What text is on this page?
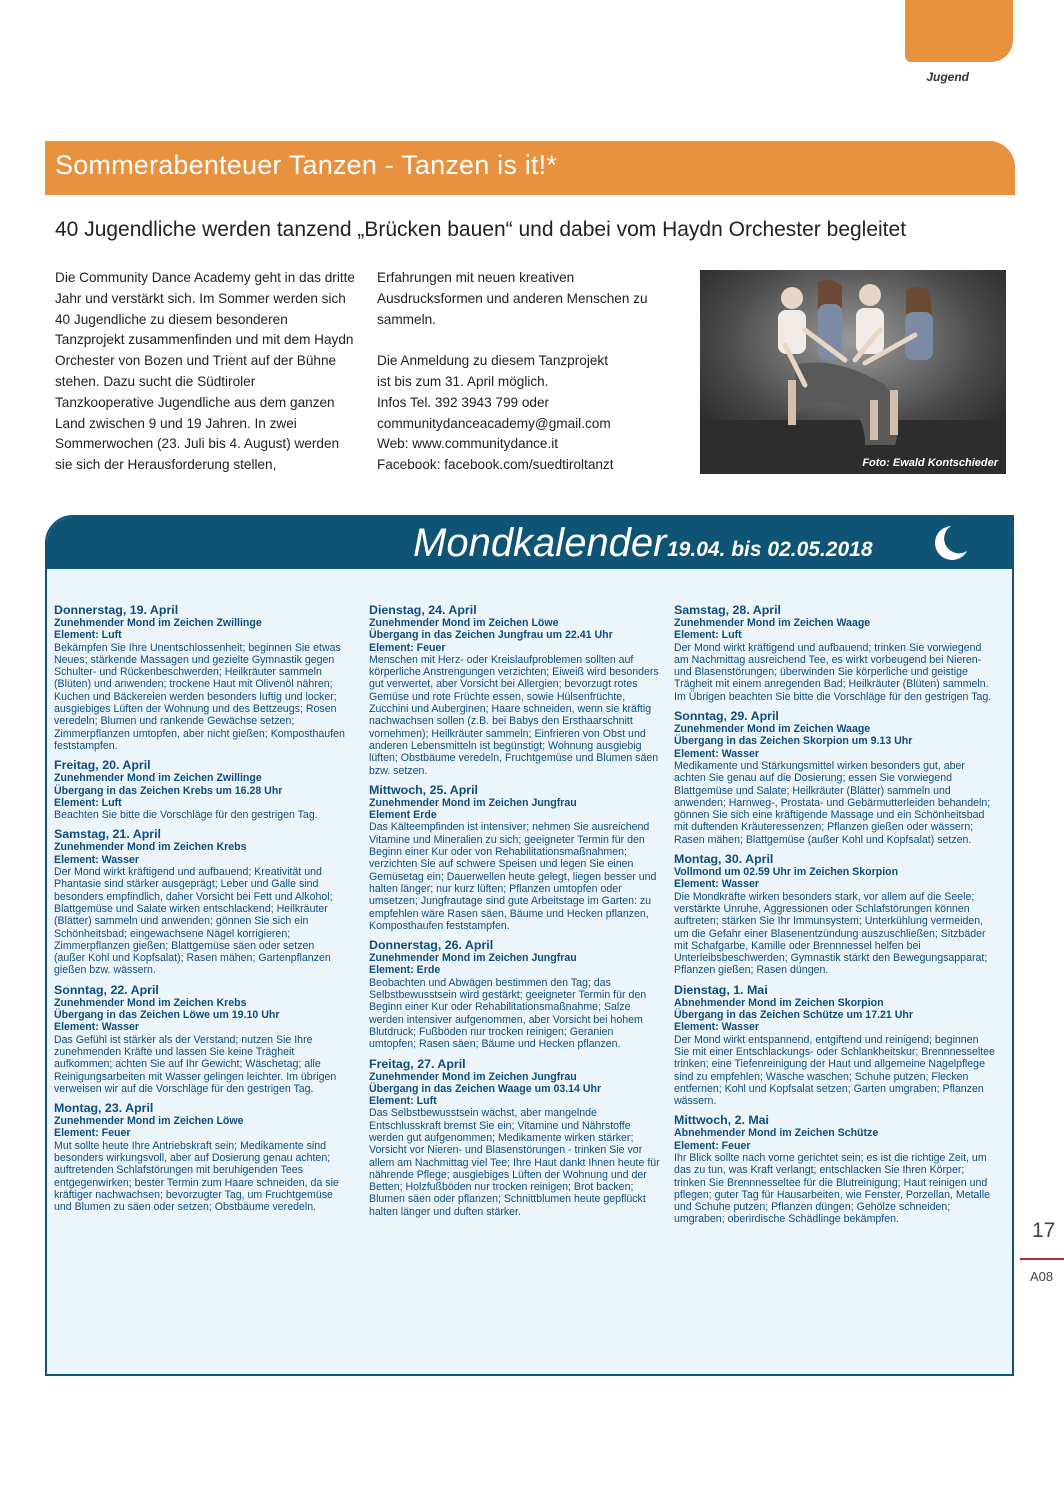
Jugend
Sommerabenteuer Tanzen - Tanzen is it!*
40 Jugendliche werden tanzend „Brücken bauen“ und dabei vom Haydn Orchester begleitet
Die Community Dance Academy geht in das dritte Jahr und verstärkt sich. Im Sommer werden sich 40 Jugendliche zu diesem besonderen Tanzprojekt zusammenfinden und mit dem Haydn Orchester von Bozen und Trient auf der Bühne stehen. Dazu sucht die Südtiroler Tanzkooperative Jugendliche aus dem ganzen Land zwischen 9 und 19 Jahren. In zwei Sommerwochen (23. Juli bis 4. August) werden sie sich der Herausforderung stellen,

Erfahrungen mit neuen kreativen Ausdrucksformen und anderen Menschen zu sammeln.

Die Anmeldung zu diesem Tanzprojekt
ist bis zum 31. April möglich.
Infos Tel. 392 3943 799 oder
communitydanceacademy@gmail.com
Web: www.communitydance.it
Facebook: facebook.com/suedtiroltanzt	Foto: Ewald Kontschieder
Mondkalender 19.04. bis 02.05.2018
Donnerstag, 19. April
Zunehmender Mond im Zeichen Zwillinge
Element: Luft
Bekämpfen Sie Ihre Unentschlossenheit; beginnen Sie etwas Neues; stärkende Massagen und gezielte Gymnastik gegen Schulter- und Rückenbeschwerden; Heilkräuter sammeln (Blüten) und anwenden; trockene Haut mit Olivenöl nähren; Kuchen und Bäckereien werden besonders luftig und locker; ausgiebiges Lüften der Wohnung und des Bettzeugs; Rosen veredeln; Blumen und rankende Gewächse setzen; Zimmerpflanzen umtopfen, aber nicht gießen; Komposthaufen feststampfen.
Freitag, 20. April
Zunehmender Mond im Zeichen Zwillinge
Übergang in das Zeichen Krebs um 16.28 Uhr
Element: Luft
Beachten Sie bitte die Vorschläge für den gestrigen Tag.
Samstag, 21. April
Zunehmender Mond im Zeichen Krebs
Element: Wasser
Der Mond wirkt kräftigend und aufbauend; Kreativität und Phantasie sind stärker ausgeprägt; Leber und Galle sind besonders empfindlich, daher Vorsicht bei Fett und Alkohol; Blattgemüse und Salate wirken entschlackend; Heilkräuter (Blätter) sammeln und anwenden; gönnen Sie sich ein Schönheitsbad; eingewachsene Nägel korrigieren; Zimmerpflanzen gießen; Blattgemüse säen oder setzen (außer Kohl und Kopfsalat); Rasen mähen; Gartenpflanzen gießen bzw. wässern.
Sonntag, 22. April
Zunehmender Mond im Zeichen Krebs
Übergang in das Zeichen Löwe um 19.10 Uhr
Element: Wasser
Das Gefühl ist stärker als der Verstand; nutzen Sie Ihre zunehmenden Kräfte und lassen Sie keine Trägheit aufkommen; achten Sie auf Ihr Gewicht; Wäschetag; alle Reinigungsarbeiten mit Wasser gelingen leichter. Im übrigen verweisen wir auf die Vorschläge für den gestrigen Tag.
Montag, 23. April
Zunehmender Mond im Zeichen Löwe
Element: Feuer
Mut sollte heute Ihre Antriebskraft sein; Medikamente sind besonders wirkungsvoll, aber auf Dosierung genau achten; auftretenden Schlafstörungen mit beruhigenden Tees entgegenwirken; bester Termin zum Haare schneiden, da sie kräftiger nachwachsen; bevorzugter Tag, um Fruchtgemüse und Blumen zu säen oder setzen; Obstbäume veredeln.
Dienstag, 24. April
Zunehmender Mond im Zeichen Löwe
Übergang in das Zeichen Jungfrau um 22.41 Uhr
Element: Feuer
Menschen mit Herz- oder Kreislaufproblemen sollten auf körperliche Anstrengungen verzichten; Eiweiß wird besonders gut verwertet, aber Vorsicht bei Allergien; bevorzugt rotes Gemüse und rote Früchte essen, sowie Hülsenfrüchte, Zucchini und Auberginen; Haare schneiden, wenn sie kräftig nachwachsen sollen (z.B. bei Babys den Ersthaarschnitt vornehmen); Heilkräuter sammeln; Einfrieren von Obst und anderen Lebensmitteln ist begünstigt; Wohnung ausgiebig lüften; Obstbäume veredeln, Fruchtgemüse und Blumen säen bzw. setzen.
Mittwoch, 25. April
Zunehmender Mond im Zeichen Jungfrau
Element Erde
Das Kälteempfinden ist intensiver; nehmen Sie ausreichend Vitamine und Mineralien zu sich; geeigneter Termin für den Beginn einer Kur oder von Rehabilitationsmaßnahmen; verzichten Sie auf schwere Speisen und legen Sie einen Gemüsetag ein; Dauerwellen heute gelegt, liegen besser und halten länger; nur kurz lüften; Pflanzen umtopfen oder umsetzen; Jungfrautage sind gute Arbeitstage im Garten: zu empfehlen wäre Rasen säen, Bäume und Hecken pflanzen, Komposthaufen feststampfen.
Donnerstag, 26. April
Zunehmender Mond im Zeichen Jungfrau
Element: Erde
Beobachten und Abwägen bestimmen den Tag; das Selbstbewusstsein wird gestärkt; geeigneter Termin für den Beginn einer Kur oder Rehabilitationsmaßnahme; Salze werden intensiver aufgenommen, aber Vorsicht bei hohem Blutdruck; Fußböden nur trocken reinigen; Geranien umtopfen; Rasen säen; Bäume und Hecken pflanzen.
Freitag, 27. April
Zunehmender Mond im Zeichen Jungfrau
Übergang in das Zeichen Waage um 03.14 Uhr
Element: Luft
Das Selbstbewusstsein wächst, aber mangelnde Entschlusskraft bremst Sie ein; Vitamine und Nährstoffe werden gut aufgenommen; Medikamente wirken stärker; Vorsicht vor Nieren- und Blasenstörungen - trinken Sie vor allem am Nachmittag viel Tee; Ihre Haut dankt Ihnen heute für nährende Pflege; ausgiebiges Lüften der Wohnung und der Betten; Holzfußböden nur trocken reinigen; Brot backen; Blumen säen oder pflanzen; Schnittblumen heute gepflückt halten länger und duften stärker.
Samstag, 28. April
Zunehmender Mond im Zeichen Waage
Element: Luft
Der Mond wirkt kräftigend und aufbauend; trinken Sie vorwiegend am Nachmittag ausreichend Tee, es wirkt vorbeugend bei Nieren- und Blasenstörungen; überwinden Sie körperliche und geistige Trägheit mit einem anregenden Bad; Heilkräuter (Blüten) sammeln. Im Übrigen beachten Sie bitte die Vorschläge für den gestrigen Tag.
Sonntag, 29. April
Zunehmender Mond im Zeichen Waage
Übergang in das Zeichen Skorpion um 9.13 Uhr
Element: Wasser
Medikamente und Stärkungsmittel wirken besonders gut, aber achten Sie genau auf die Dosierung; essen Sie vorwiegend Blattgemüse und Salate; Heilkräuter (Blätter) sammeln und anwenden; Harnweg-, Prostata- und Gebärmutterleiden behandeln; gönnen Sie sich eine kräftigende Massage und ein Schönheitsbad mit duftenden Kräuteressenzen; Pflanzen gießen oder wässern; Rasen mähen; Blattgemüse (außer Kohl und Kopfsalat) setzen.
Montag, 30. April
Vollmond um 02.59 Uhr im Zeichen Skorpion
Element: Wasser
Die Mondkräfte wirken besonders stark, vor allem auf die Seele; verstärkte Unruhe, Aggressionen oder Schlafstörungen können auftreten; stärken Sie Ihr Immunsystem; Unterkühlung vermeiden, um die Gefahr einer Blasenentzündung auszuschließen; Sitzbäder mit Schafgarbe, Kamille oder Brennnessel helfen bei Unterleibsbeschwerden; Gymnastik stärkt den Bewegungsapparat; Pflanzen gießen; Rasen düngen.
Dienstag, 1. Mai
Abnehmender Mond im Zeichen Skorpion
Übergang in das Zeichen Schütze um 17.21 Uhr
Element: Wasser
Der Mond wirkt entspannend, entgiftend und reinigend; beginnen Sie mit einer Entschlackungs- oder Schlankheitskur; Brennnesseltee trinken; eine Tiefenreinigung der Haut und allgemeine Nagelpflege sind zu empfehlen; Wäsche waschen; Schuhe putzen; Flecken entfernen; Kohl und Kopfsalat setzen; Garten umgraben; Pflanzen wässern.
Mittwoch, 2. Mai
Abnehmender Mond im Zeichen Schütze
Element: Feuer
Ihr Blick sollte nach vorne gerichtet sein; es ist die richtige Zeit, um das zu tun, was Kraft verlangt; entschlacken Sie Ihren Körper; trinken Sie Brennnesseltee für die Blutreinigung; Haut reinigen und pflegen; guter Tag für Hausarbeiten, wie Fenster, Porzellan, Metalle und Schuhe putzen; Pflanzen düngen; Gehölze schneiden; umgraben; oberirdische Schädlinge bekämpfen.	17
A08
